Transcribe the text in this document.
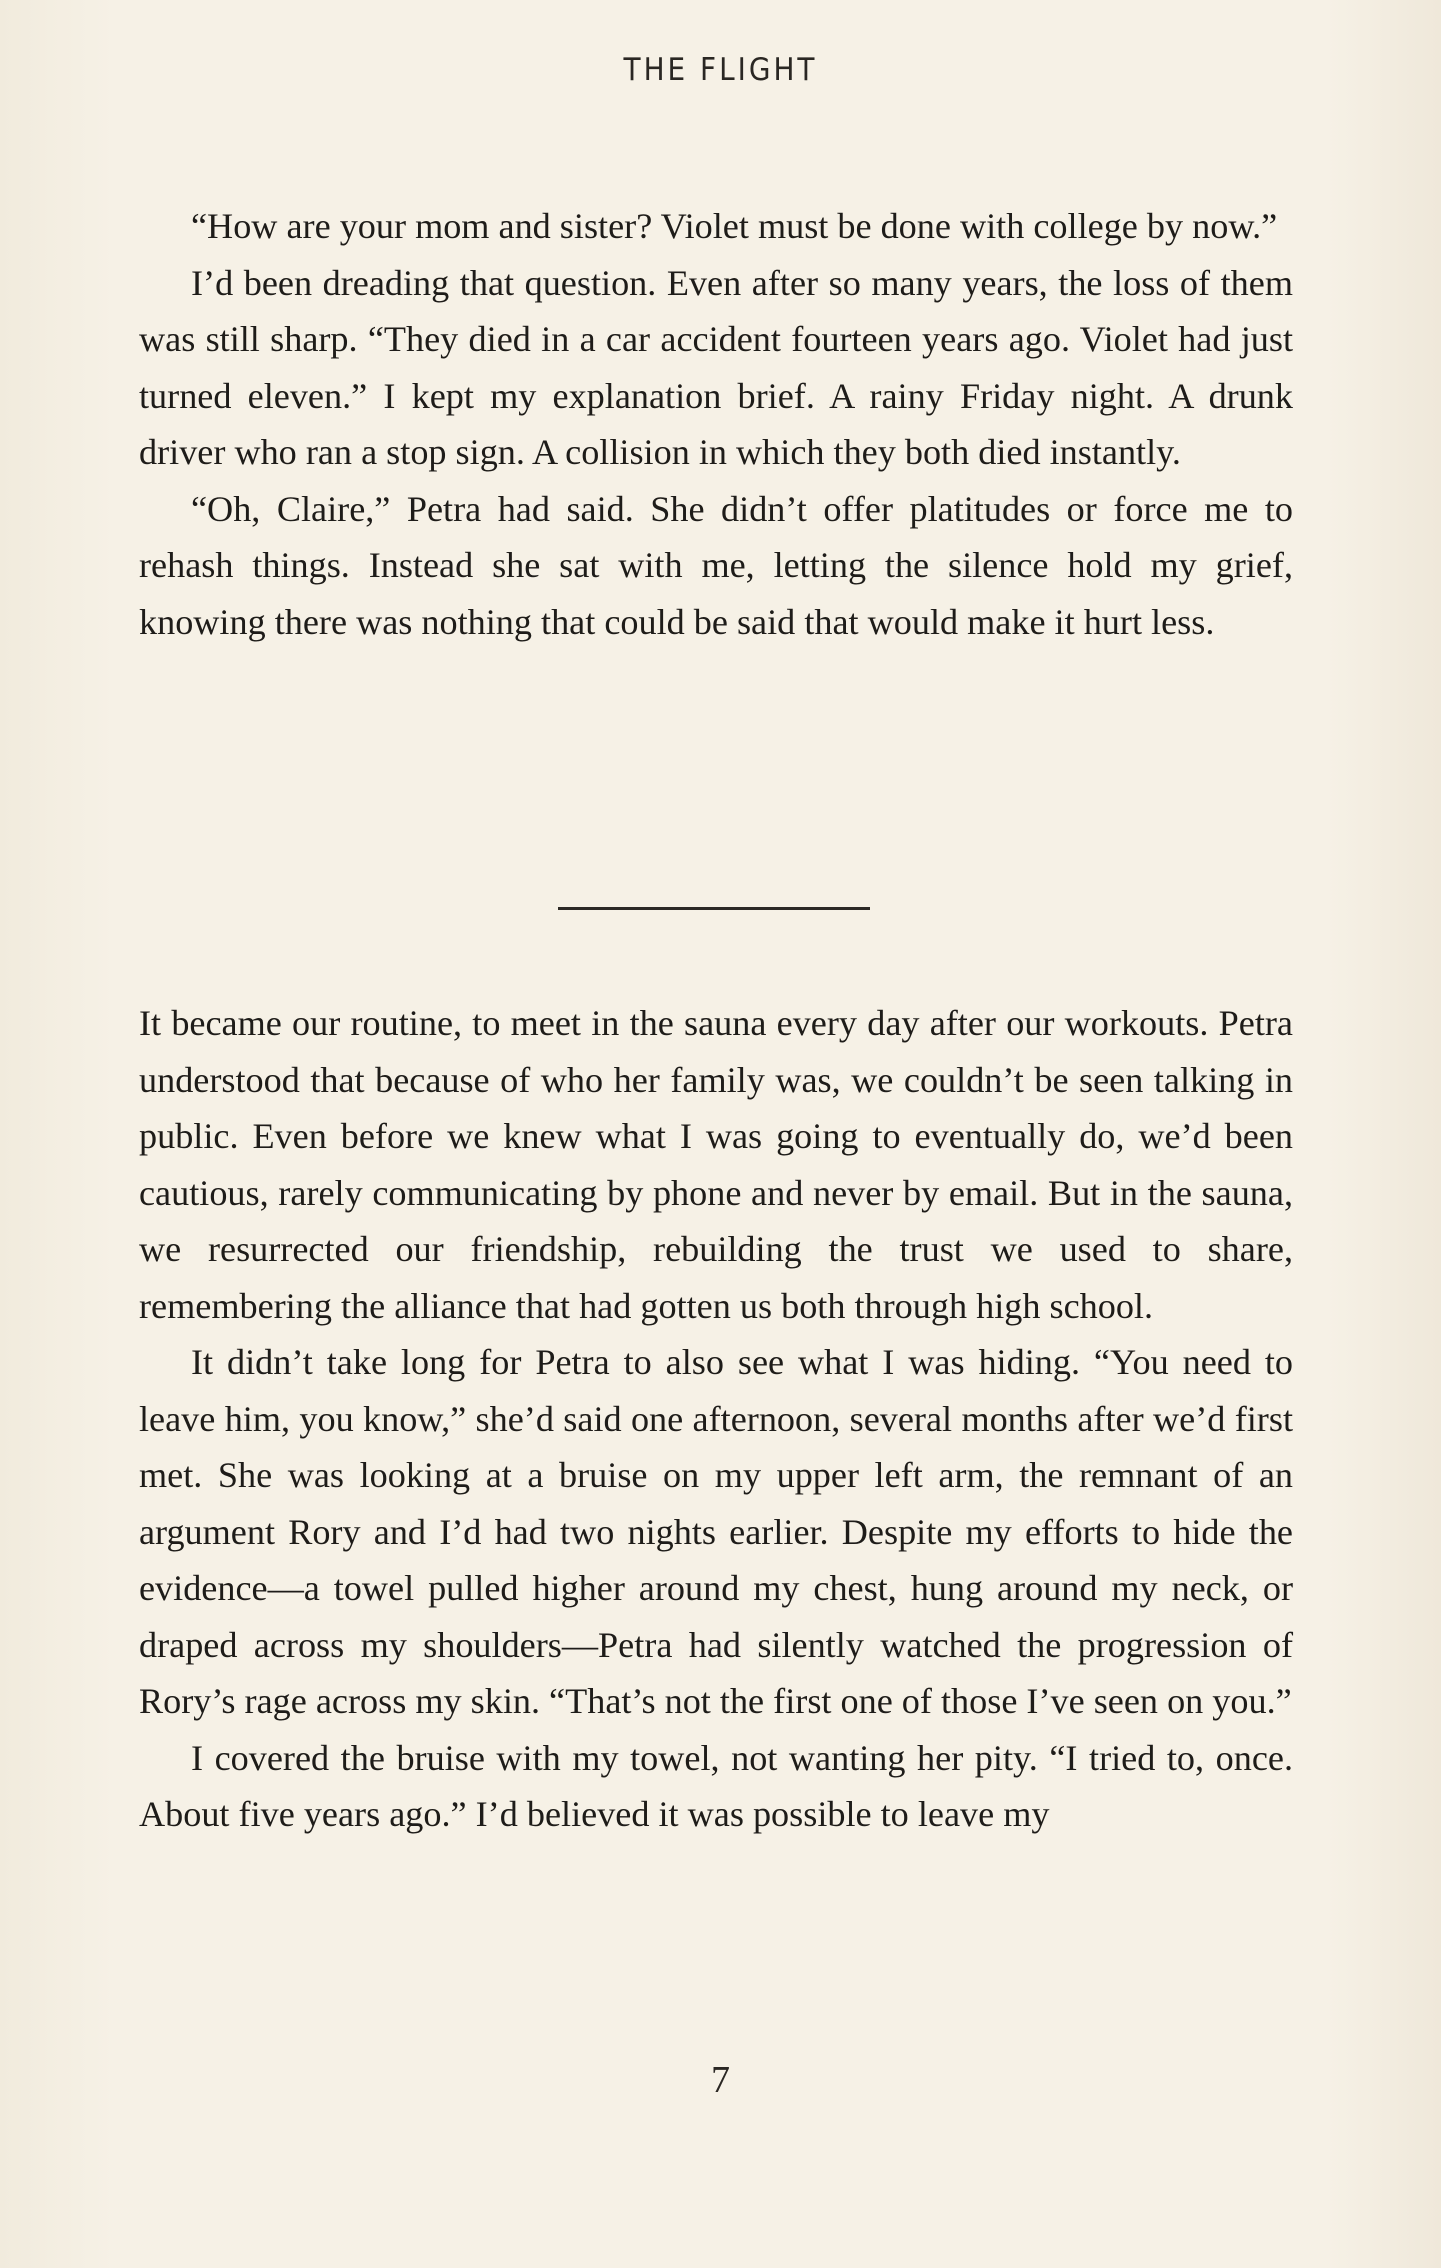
THE FLIGHT

“How are your mom and sister? Violet must be done with college by now.”

I’d been dreading that question. Even after so many years, the loss of them was still sharp. “They died in a car accident fourteen years ago. Violet had just turned eleven.” I kept my explanation brief. A rainy Friday night. A drunk driver who ran a stop sign. A collision in which they both died instantly.

“Oh, Claire,” Petra had said. She didn’t offer platitudes or force me to rehash things. Instead she sat with me, letting the silence hold my grief, knowing there was nothing that could be said that would make it hurt less.

It became our routine, to meet in the sauna every day after our workouts. Petra understood that because of who her family was, we couldn’t be seen talking in public. Even before we knew what I was going to eventually do, we’d been cautious, rarely communicating by phone and never by email. But in the sauna, we resurrected our friendship, rebuilding the trust we used to share, remembering the alliance that had gotten us both through high school.

It didn’t take long for Petra to also see what I was hiding. “You need to leave him, you know,” she’d said one afternoon, several months after we’d first met. She was looking at a bruise on my upper left arm, the remnant of an argument Rory and I’d had two nights earlier. Despite my efforts to hide the evidence—a towel pulled higher around my chest, hung around my neck, or draped across my shoulders—Petra had silently watched the progression of Rory’s rage across my skin. “That’s not the first one of those I’ve seen on you.”

I covered the bruise with my towel, not wanting her pity. “I tried to, once. About five years ago.” I’d believed it was possible to leave my

7
